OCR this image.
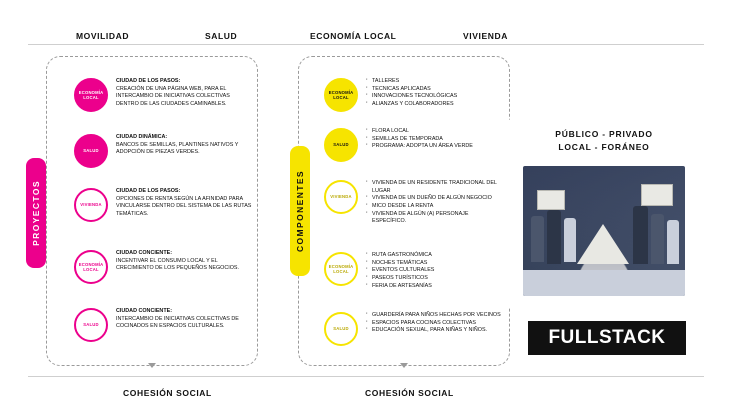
MOVILIDAD	SALUD	ECONOMÍA LOCAL	VIVIENDA
COHESIÓN SOCIAL	COHESIÓN SOCIAL
PROYECTOS	COMPONENTES
ECONOMÍA LOCAL
CIUDAD DE LOS PASOS:
CREACIÓN DE UNA PÁGINA WEB, PARA EL INTERCAMBIO DE INICIATIVAS COLECTIVAS DENTRO DE LAS CIUDADES CAMINABLES.
SALUD
CIUDAD DINÁMICA:
BANCOS DE SEMILLAS, PLANTINES NATIVOS Y ADOPCIÓN DE PIEZAS VERDES.
VIVIENDA
CIUDAD DE LOS PASOS:
OPCIONES DE RENTA SEGÚN LA AFINIDAD PARA VINCULARSE DENTRO DEL SISTEMA DE LAS RUTAS TEMÁTICAS.
ECONOMÍA LOCAL
CIUDAD CONCIENTE:
INCENTIVAR EL CONSUMO LOCAL Y EL CRECIMIENTO DE LOS PEQUEÑOS NEGOCIOS.
SALUD
CIUDAD CONCIENTE:
INTERCAMBIO DE INICIATIVAS COLECTIVAS DE COCINADOS EN ESPACIOS CULTURALES.
ECONOMÍA LOCAL
· TALLERES
· TECNICAS APLICADAS
· INNOVACIONES TECNOLÓGICAS
· ALIANZAS Y COLABORADORES
SALUD
· FLORA LOCAL
· SEMILLAS DE TEMPORADA
· PROGRAMA: ADOPTA UN ÁREA VERDE
VIVIENDA
· VIVIENDA DE UN RESIDENTE TRADICIONAL DEL LUGAR
· VIVIENDA DE UN DUEÑO DE ALGÚN NEGOCIO
· MICO DESDE LA RENTA
· VIVIENDA DE ALGÚN (A) PERSONAJE ESPECÍFICO.
ECONOMÍA LOCAL
· RUTA GASTRONÓMICA
· NOCHES TEMÁTICAS
· EVENTOS CULTURALES
· PASEOS TURÍSTICOS
· FERIA DE ARTESANÍAS
SALUD
· GUARDERÍA PARA NIÑOS HECHAS POR VECINOS
· ESPACIOS PARA COCINAS COLECTIVAS
· EDUCACIÓN SEXUAL, PARA NIÑAS Y NIÑOS.
PÚBLICO - PRIVADO
LOCAL - FORÁNEO
FULLSTACK
